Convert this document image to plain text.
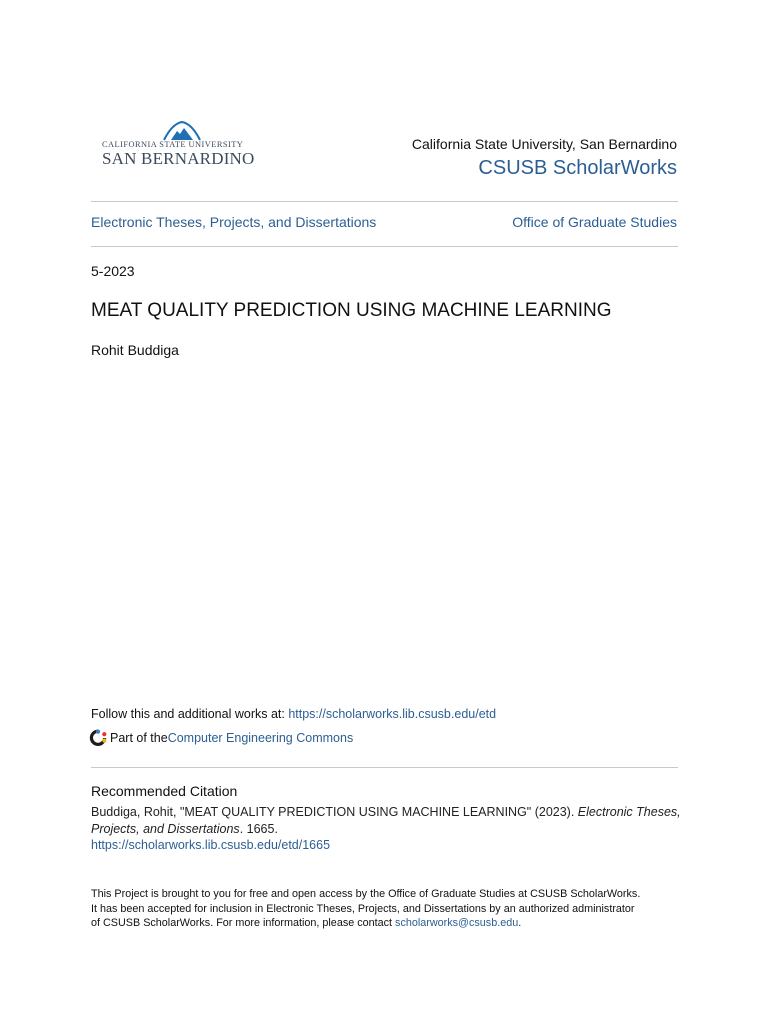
CALIFORNIA STATE UNIVERSITY
SAN BERNARDINO
California State University, San Bernardino
CSUSB ScholarWorks
Electronic Theses, Projects, and Dissertations	Office of Graduate Studies
5-2023
MEAT QUALITY PREDICTION USING MACHINE LEARNING
Rohit Buddiga
Follow this and additional works at: https://scholarworks.lib.csusb.edu/etd
Part of the Computer Engineering Commons
Recommended Citation
Buddiga, Rohit, "MEAT QUALITY PREDICTION USING MACHINE LEARNING" (2023). Electronic Theses, Projects, and Dissertations. 1665.
https://scholarworks.lib.csusb.edu/etd/1665
This Project is brought to you for free and open access by the Office of Graduate Studies at CSUSB ScholarWorks.
It has been accepted for inclusion in Electronic Theses, Projects, and Dissertations by an authorized administrator
of CSUSB ScholarWorks. For more information, please contact scholarworks@csusb.edu.
